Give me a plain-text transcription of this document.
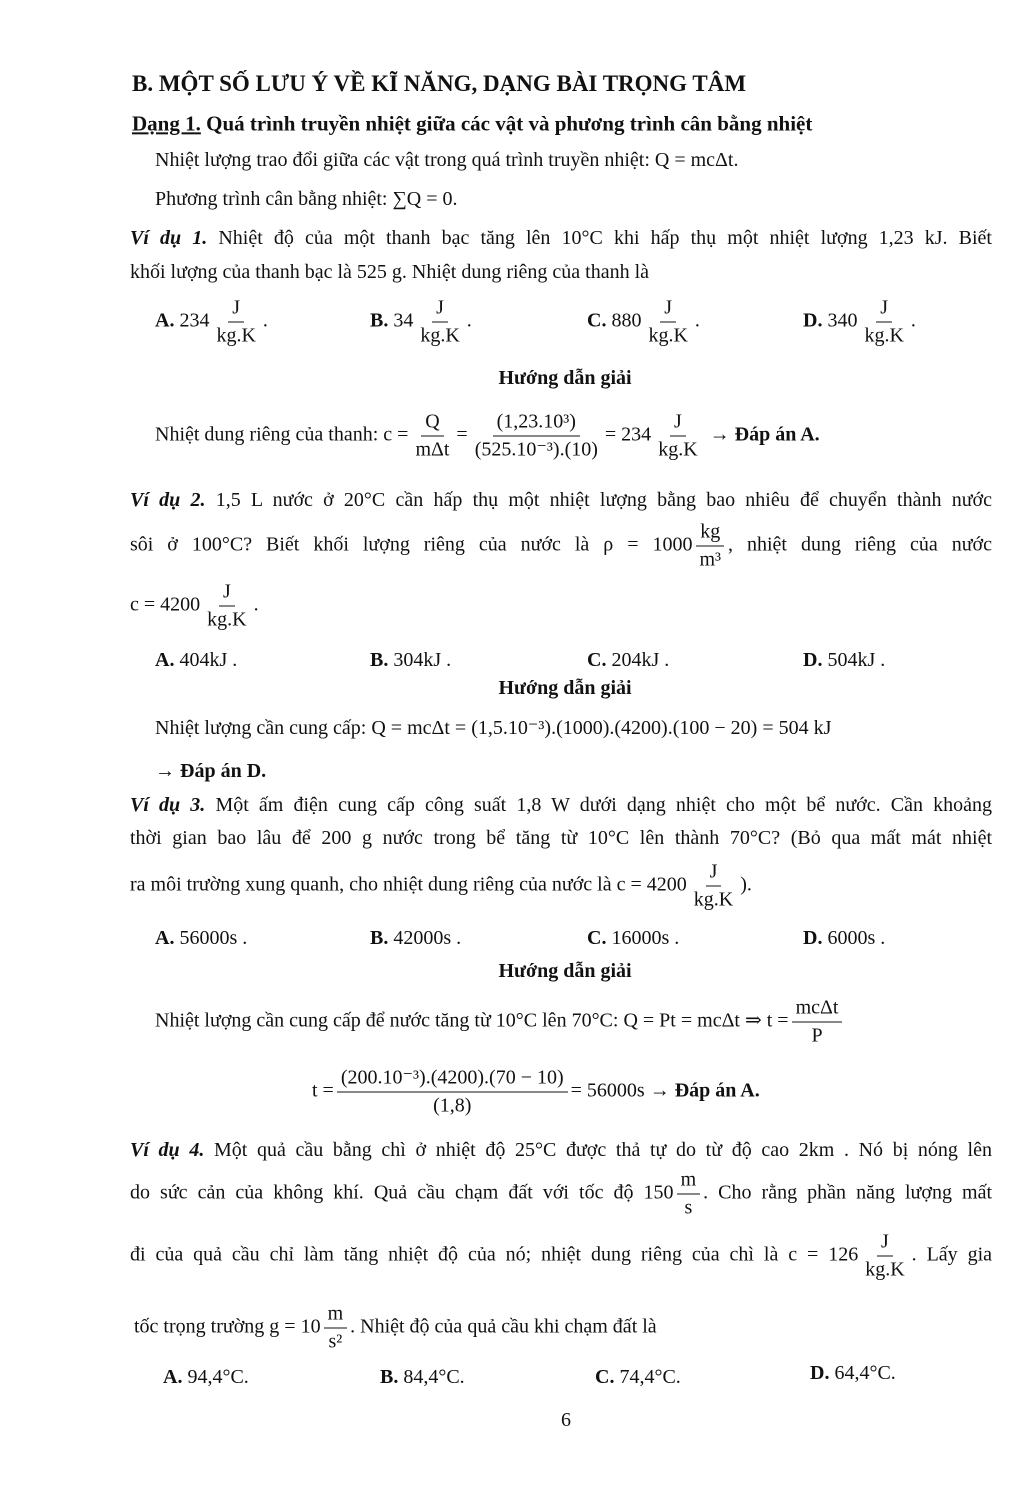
B. MỘT SỐ LƯU Ý VỀ KĨ NĂNG, DẠNG BÀI TRỌNG TÂM
Dạng 1. Quá trình truyền nhiệt giữa các vật và phương trình cân bằng nhiệt
Nhiệt lượng trao đổi giữa các vật trong quá trình truyền nhiệt: Q = mcΔt.
Phương trình cân bằng nhiệt: ∑Q = 0.
Ví dụ 1. Nhiệt độ của một thanh bạc tăng lên 10°C khi hấp thụ một nhiệt lượng 1,23 kJ. Biết
khối lượng của thanh bạc là 525 g. Nhiệt dung riêng của thanh là
A. $234 \frac{J}{kg.K}$ .	B. $34 \frac{J}{kg.K}$ .	C. $880 \frac{J}{kg.K}$ .	D. $340 \frac{J}{kg.K}$ .
Hướng dẫn giải
Nhiệt dung riêng của thanh: $c = \frac{Q}{\text{mΔt}} = \frac{\text{(1,23.10³)}}{\text{(525.10⁻³).(10)}} = 234 \frac{J}{kg.K}$ → Đáp án A.
Ví dụ 2. 1,5 L nước ở 20°C cần hấp thụ một nhiệt lượng bằng bao nhiêu để chuyển thành nước
sôi ở 100°C? Biết khối lượng riêng của nước là $\rho = 1000 \frac{kg}{\text{m³}}$ , nhiệt dung riêng của nước
$c = 4200 \frac{J}{kg.K}$ .
A. 404kJ .	B. 304kJ .	C. 204kJ .	D. 504kJ .
Hướng dẫn giải
Nhiệt lượng cần cung cấp: Q = mcΔt = (1,5.10⁻³).(1000).(4200).(100 − 20) = 504 kJ
→ Đáp án D.
Ví dụ 3. Một ấm điện cung cấp công suất 1,8 W dưới dạng nhiệt cho một bể nước. Cần khoảng
thời gian bao lâu để 200 g nước trong bể tăng từ 10°C lên thành 70°C? (Bỏ qua mất mát nhiệt
ra môi trường xung quanh, cho nhiệt dung riêng của nước là $c = 4200 \frac{J}{kg.K}$ ).
A. 56000s .	B. 42000s .	C. 16000s .	D. 6000s .
Hướng dẫn giải
Nhiệt lượng cần cung cấp để nước tăng từ 10°C lên 70°C: Q = Pt = mcΔt ⇒ $t = \frac{\text{mcΔt}}{P}$
$t = \frac{\text{(200.10⁻³).(4200).(70 − 10)}}{(1,8)} = 56000s$ → Đáp án A.
Ví dụ 4. Một quả cầu bằng chì ở nhiệt độ 25°C được thả tự do từ độ cao 2km . Nó bị nóng lên
do sức cản của không khí. Quả cầu chạm đất với tốc độ $150 \frac{m}{s}$ . Cho rằng phần năng lượng mất
đi của quả cầu chỉ làm tăng nhiệt độ của nó; nhiệt dung riêng của chì là $c = 126 \frac{J}{kg.K}$ . Lấy gia
tốc trọng trường $g = 10 \frac{m}{\text{s²}}$ . Nhiệt độ của quả cầu khi chạm đất là
A. 94,4°C.	B. 84,4°C.	C. 74,4°C.	D. 64,4°C.
6
